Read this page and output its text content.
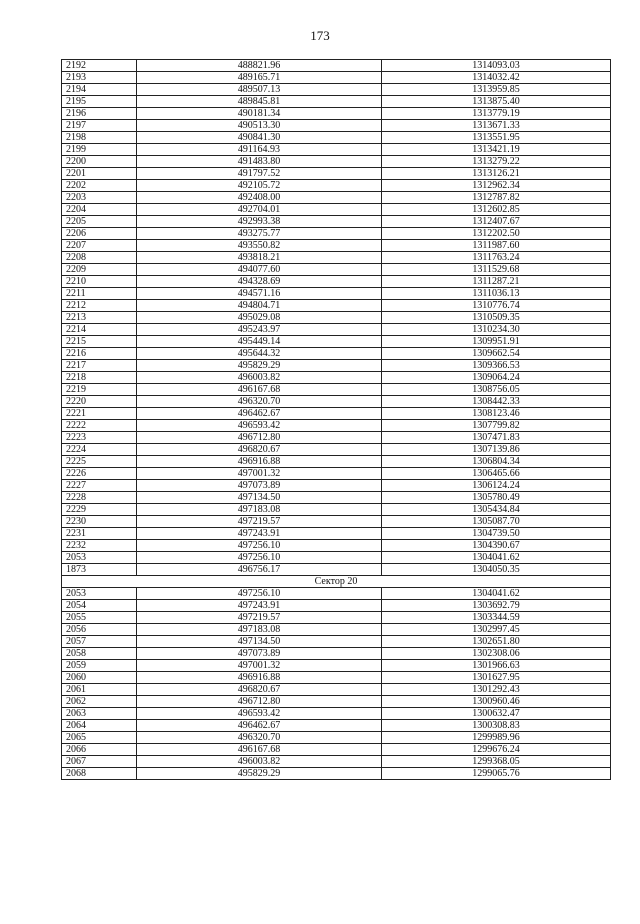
173
2192	488821.96	1314093.03
2193	489165.71	1314032.42
2194	489507.13	1313959.85
2195	489845.81	1313875.40
2196	490181.34	1313779.19
2197	490513.30	1313671.33
2198	490841.30	1313551.95
2199	491164.93	1313421.19
2200	491483.80	1313279.22
2201	491797.52	1313126.21
2202	492105.72	1312962.34
2203	492408.00	1312787.82
2204	492704.01	1312602.85
2205	492993.38	1312407.67
2206	493275.77	1312202.50
2207	493550.82	1311987.60
2208	493818.21	1311763.24
2209	494077.60	1311529.68
2210	494328.69	1311287.21
2211	494571.16	1311036.13
2212	494804.71	1310776.74
2213	495029.08	1310509.35
2214	495243.97	1310234.30
2215	495449.14	1309951.91
2216	495644.32	1309662.54
2217	495829.29	1309366.53
2218	496003.82	1309064.24
2219	496167.68	1308756.05
2220	496320.70	1308442.33
2221	496462.67	1308123.46
2222	496593.42	1307799.82
2223	496712.80	1307471.83
2224	496820.67	1307139.86
2225	496916.88	1306804.34
2226	497001.32	1306465.66
2227	497073.89	1306124.24
2228	497134.50	1305780.49
2229	497183.08	1305434.84
2230	497219.57	1305087.70
2231	497243.91	1304739.50
2232	497256.10	1304390.67
2053	497256.10	1304041.62
1873	496756.17	1304050.35
Сектор 20		
2053	497256.10	1304041.62
2054	497243.91	1303692.79
2055	497219.57	1303344.59
2056	497183.08	1302997.45
2057	497134.50	1302651.80
2058	497073.89	1302308.06
2059	497001.32	1301966.63
2060	496916.88	1301627.95
2061	496820.67	1301292.43
2062	496712.80	1300960.46
2063	496593.42	1300632.47
2064	496462.67	1300308.83
2065	496320.70	1299989.96
2066	496167.68	1299676.24
2067	496003.82	1299368.05
2068	495829.29	1299065.76
